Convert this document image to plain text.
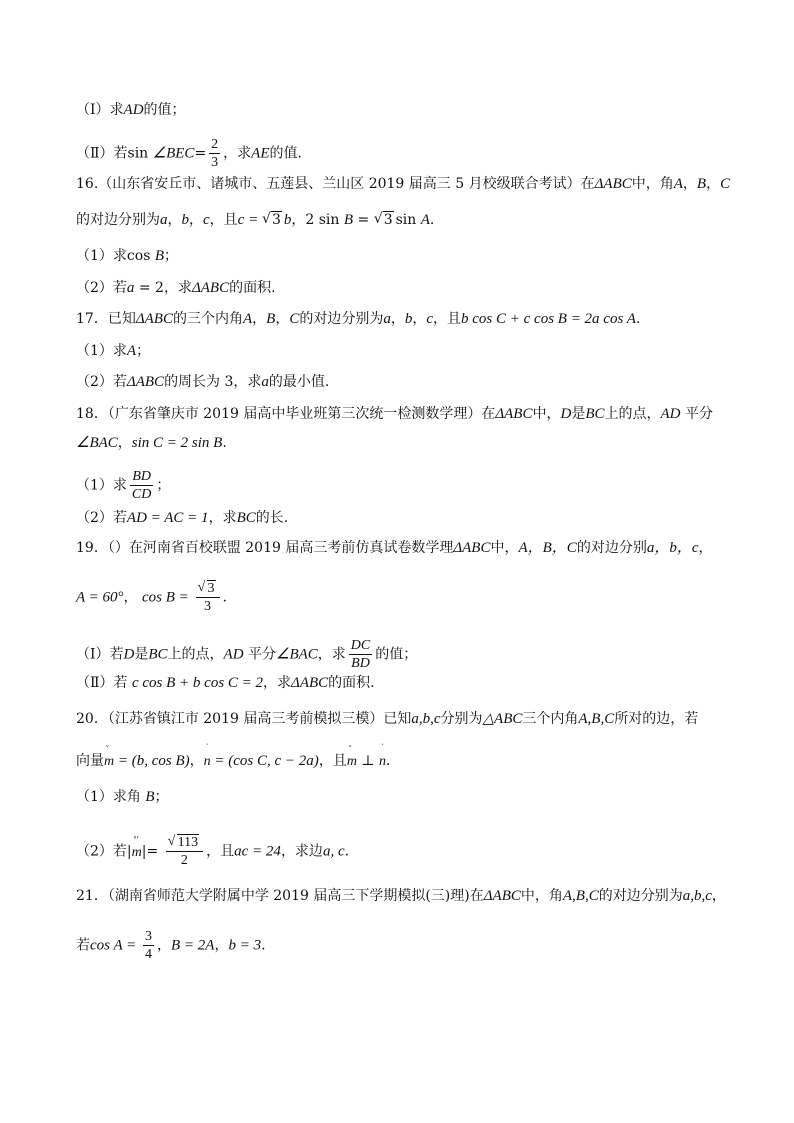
（Ⅰ）求AD的值；
（Ⅱ）若sin ∠BEC= $\frac{2}{3}$ ，求AE的值.
16.（山东省安丘市、诸城市、五莲县、兰山区 2019 届高三 5 月校级联合考试）在ΔABC中，角A，B，C
的对边分别为a，b，c，且c = √ 3 b，2 sin B = √ 3 sin A.
（1）求cos B；
（2）若a = 2，求ΔABC的面积.
17．已知ΔABC的三个内角A，B，C的对边分别为a，b，c，且b cos C + c cos B = 2a cos A.
（1）求A；
（2）若ΔABC的周长为 3，求a的最小值.
18．（广东省肇庆市 2019 届高中毕业班第三次统一检测数学理）在ΔABC中，D是BC上的点，AD 平分
∠BAC，sin C = 2 sin B.
（1）求 $\frac{BD}{CD}$ ；
（2）若AD = AC = 1，求BC的长.
19．（）在河南省百校联盟 2019 届高三考前仿真试卷数学理ΔABC中，A，B，C的对边分别a，b，c，
A = 60°， cos B = √ $\frac{3}{3}$ .
（Ⅰ）若D是BC上的点，AD 平分∠BAC，求 $\frac{DC}{BD}$ 的值；
（Ⅱ）若 c cos B + b cos C = 2，求ΔABC的面积.
20．（江苏省镇江市 2019 届高三考前模拟三模）已知a,b,c分别为△ABC三个内角A,B,C所对的边，若
向量
ᵛ
m = (b, cos B)，
ˈ
n = (cos C, c − 2a)，且
ᵛ
m ⊥
ˈ
n.
（1）求角 B；
（2）若|
ᵘʳ
m|= √ $\frac{113}{2}$ ，且ac = 24，求边a, c.
21．（湖南省师范大学附属中学 2019 届高三下学期模拟(三)理)在ΔABC中，角A,B,C的对边分别为a,b,c，
若$\cos A = \frac{3}{4}$ ，B = 2A，b = 3.
